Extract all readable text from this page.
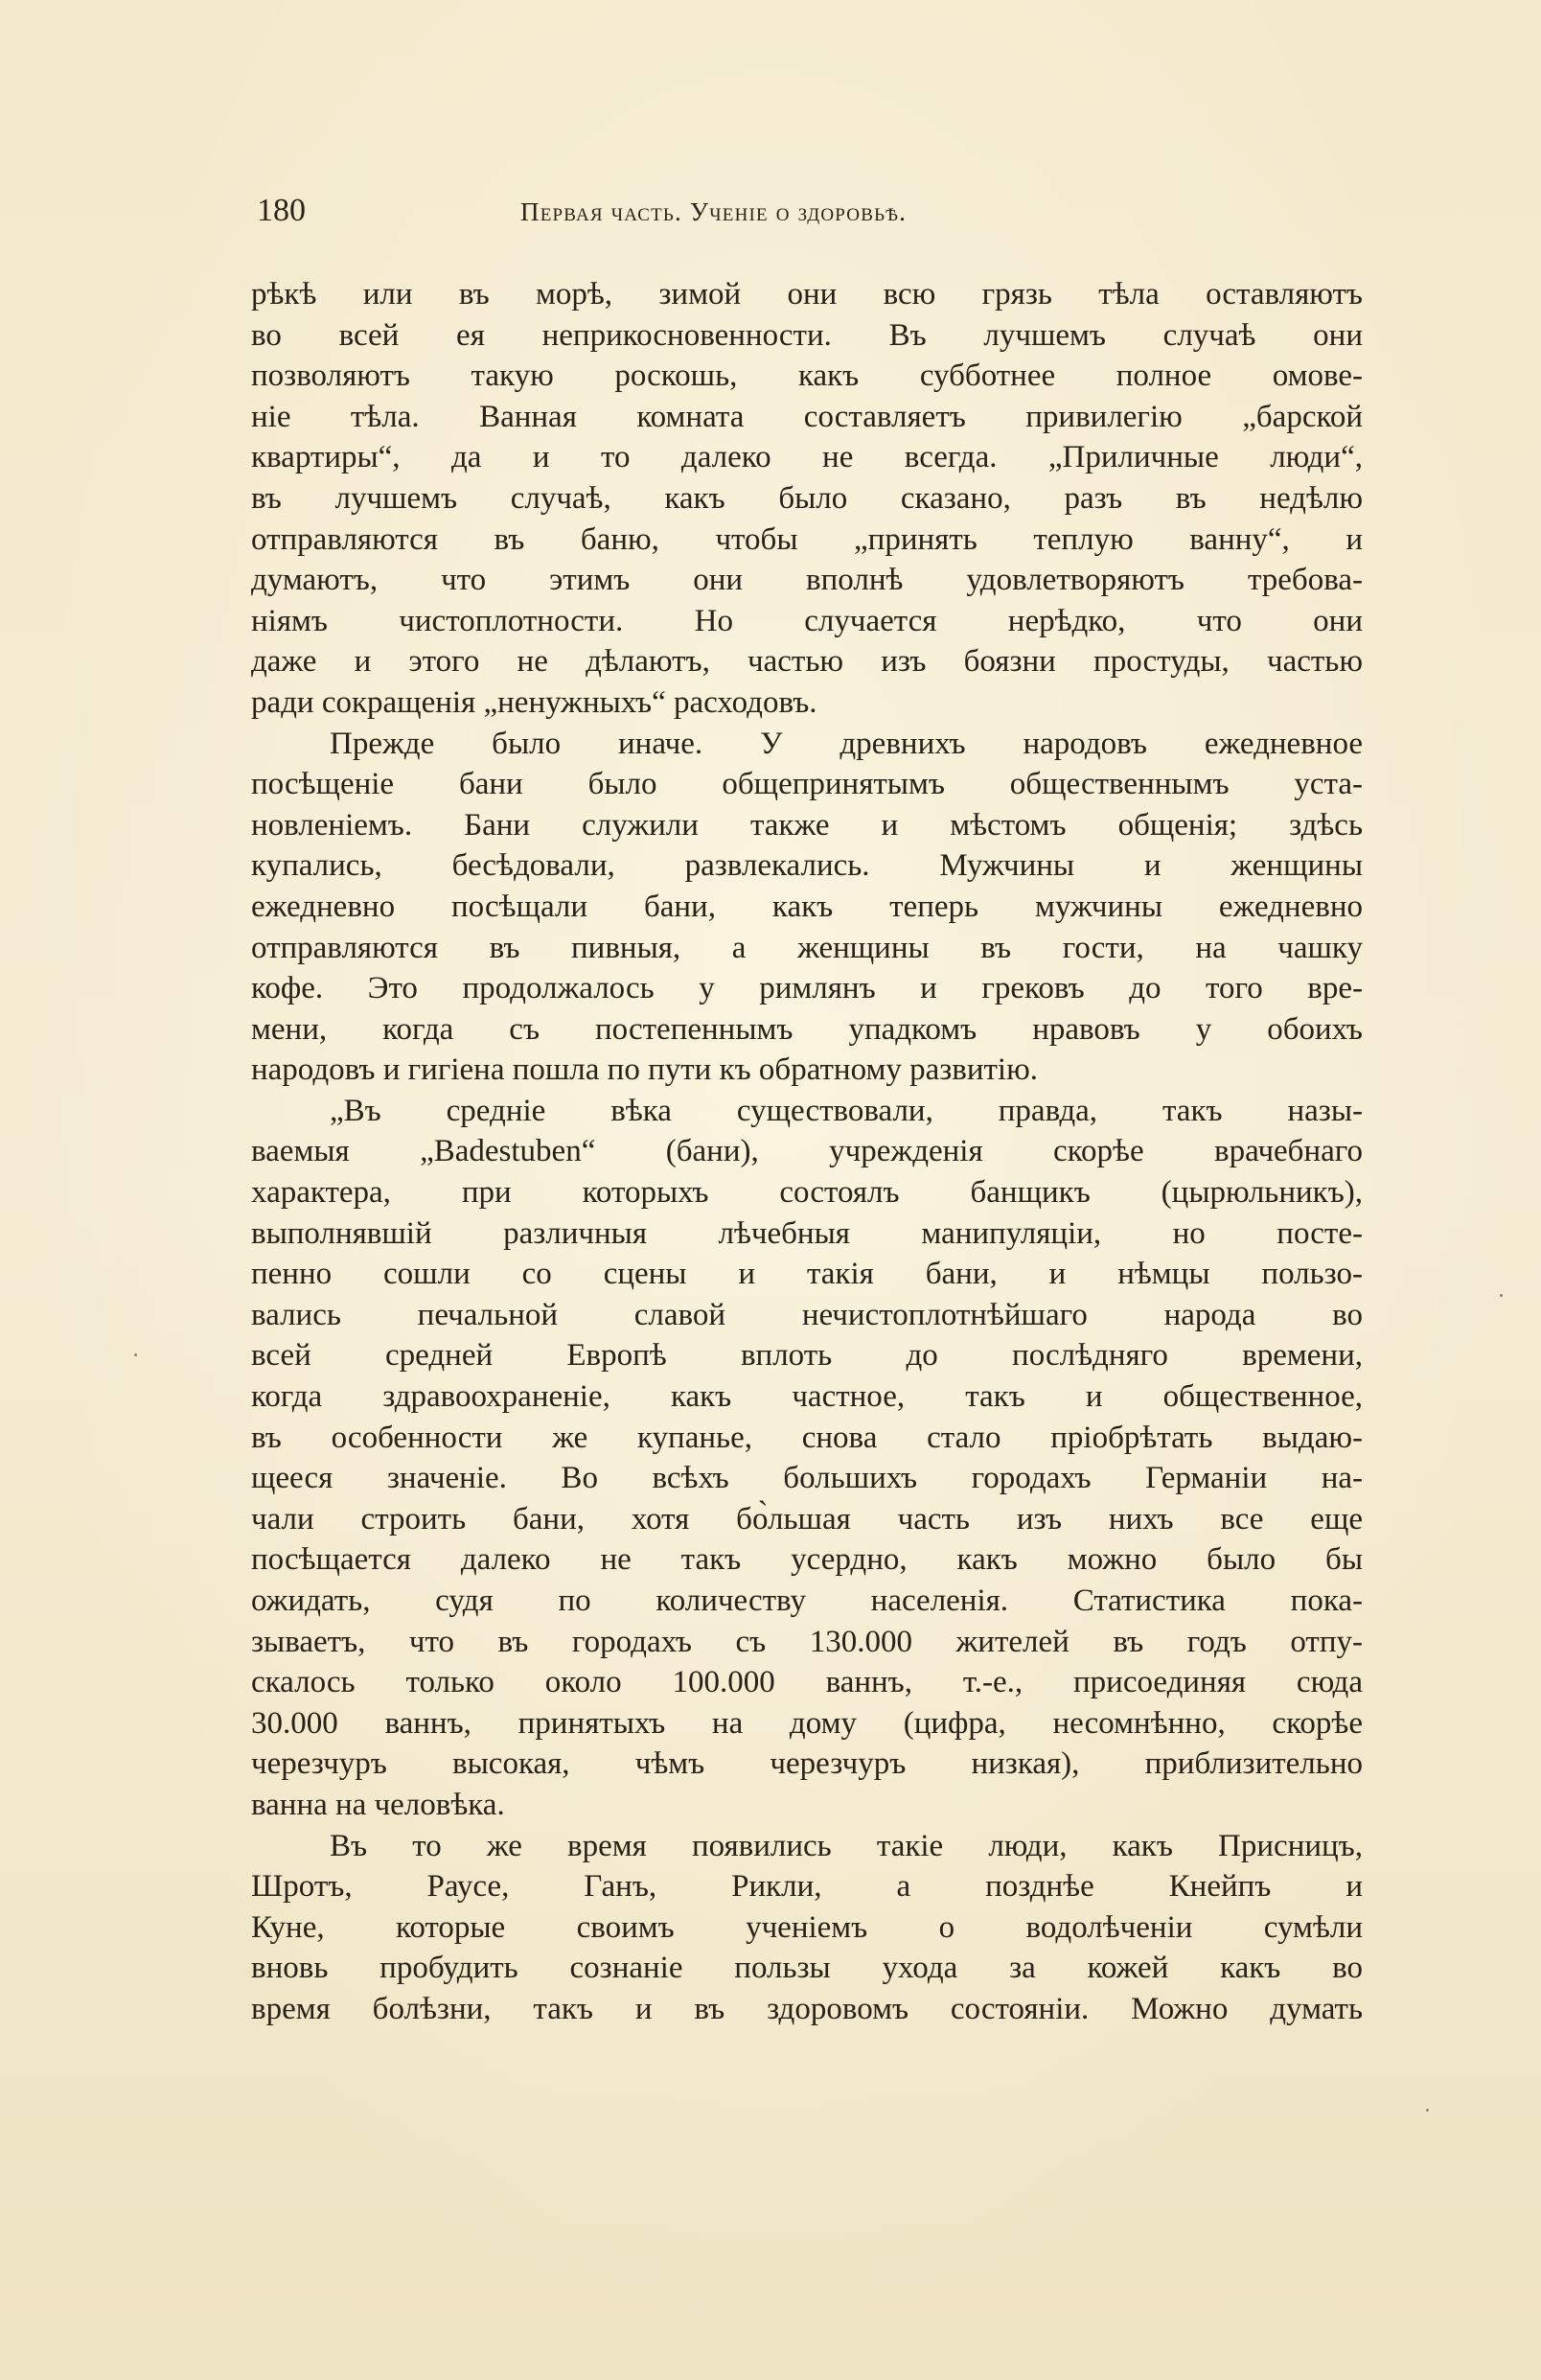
180	Первая часть. Ученіе о здоровьѣ.
рѣкѣ или въ морѣ, зимой они всю грязь тѣла оставляютъ
во всей ея неприкосновенности. Въ лучшемъ случаѣ они
позволяютъ такую роскошь, какъ субботнее полное омове-
ніе тѣла. Ванная комната составляетъ привилегію „барской
квартиры“, да и то далеко не всегда. „Приличные люди“,
въ лучшемъ случаѣ, какъ было сказано, разъ въ недѣлю
отправляются въ баню, чтобы „принять теплую ванну“, и
думаютъ, что этимъ они вполнѣ удовлетворяютъ требова-
ніямъ чистоплотности. Но случается нерѣдко, что они
даже и этого не дѣлаютъ, частью изъ боязни простуды, частью
ради сокращенія „ненужныхъ“ расходовъ.
Прежде было иначе. У древнихъ народовъ ежедневное
посѣщеніе бани было общепринятымъ общественнымъ уста-
новленіемъ. Бани служили также и мѣстомъ общенія; здѣсь
купались, бесѣдовали, развлекались. Мужчины и женщины
ежедневно посѣщали бани, какъ теперь мужчины ежедневно
отправляются въ пивныя, а женщины въ гости, на чашку
кофе. Это продолжалось у римлянъ и грековъ до того вре-
мени, когда съ постепеннымъ упадкомъ нравовъ у обоихъ
народовъ и гигіена пошла по пути къ обратному развитію.
„Въ средніе вѣка существовали, правда, такъ назы-
ваемыя „Badestuben“ (бани), учрежденія скорѣе врачебнаго
характера, при которыхъ состоялъ банщикъ (цырюльникъ),
выполнявшій различныя лѣчебныя манипуляціи, но посте-
пенно сошли со сцены и такія бани, и нѣмцы пользо-
вались печальной славой нечистоплотнѣйшаго народа во
всей средней Европѣ вплоть до послѣдняго времени,
когда здравоохраненіе, какъ частное, такъ и общественное,
въ особенности же купанье, снова стало пріобрѣтать выдаю-
щееся значеніе. Во всѣхъ большихъ городахъ Германіи на-
чали строить бани, хотя бо̀льшая часть изъ нихъ все еще
посѣщается далеко не такъ усердно, какъ можно было бы
ожидать, судя по количеству населенія. Статистика пока-
зываетъ, что въ городахъ съ 130.000 жителей въ годъ отпу-
скалось только около 100.000 ваннъ, т.-е., присоединяя сюда
30.000 ваннъ, принятыхъ на дому (цифра, несомнѣнно, скорѣе
черезчуръ высокая, чѣмъ черезчуръ низкая), приблизительно
ванна на человѣка.
Въ то же время появились такіе люди, какъ Присницъ,
Шротъ, Раусе, Ганъ, Рикли, а позднѣе Кнейпъ и
Куне, которые своимъ ученіемъ о водолѣченіи сумѣли
вновь пробудить сознаніе пользы ухода за кожей какъ во
время болѣзни, такъ и въ здоровомъ состояніи. Можно думать
